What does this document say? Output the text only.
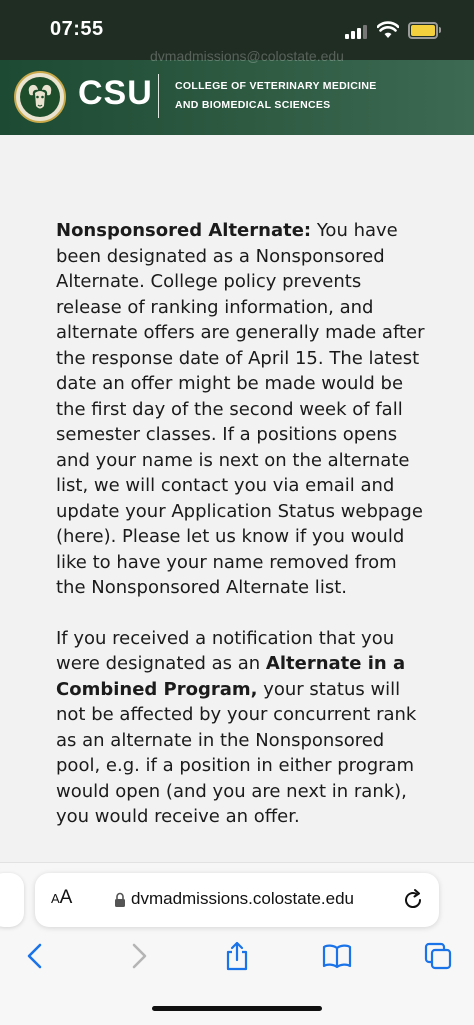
07:55
dvmadmissions@colostate.edu
CSU COLLEGE OF VETERINARY MEDICINE
AND BIOMEDICAL SCIENCES

Nonsponsored Alternate: You have been designated as a Nonsponsored Alternate. College policy prevents release of ranking information, and alternate offers are generally made after the response date of April 15. The latest date an offer might be made would be the first day of the second week of fall semester classes. If a positions opens and your name is next on the alternate list, we will contact you via email and update your Application Status webpage (here). Please let us know if you would like to have your name removed from the Nonsponsored Alternate list.

If you received a notification that you were designated as an Alternate in a Combined Program, your status will not be affected by your concurrent rank as an alternate in the Nonsponsored pool, e.g. if a position in either program would open (and you are next in rank), you would receive an offer.

AA	dvmadmissions.colostate.edu
